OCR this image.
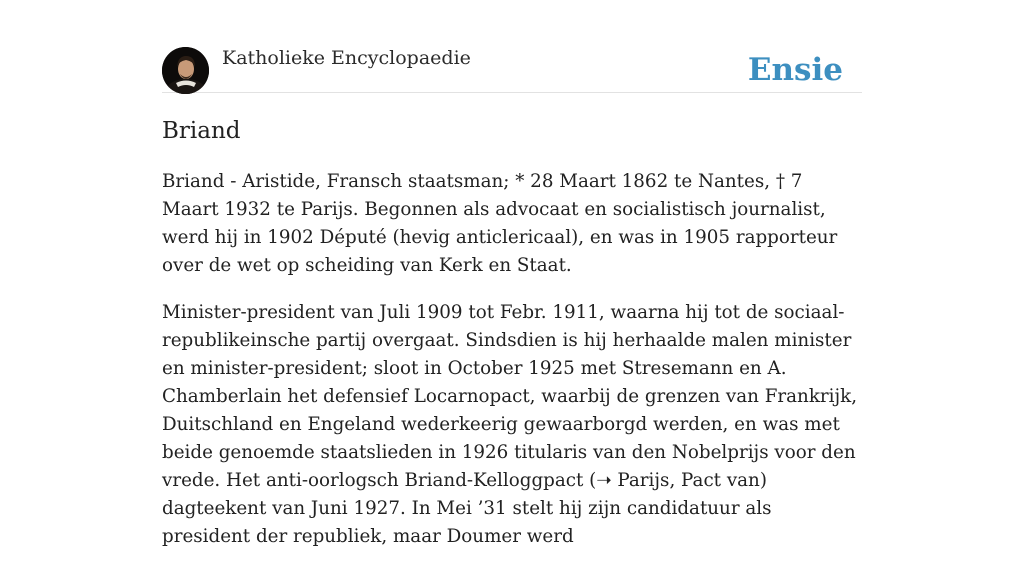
Katholieke Encyclopaedie	Ensie
Briand

Briand - Aristide, Fransch staatsman; * 28 Maart 1862 te Nantes, † 7 Maart 1932 te Parijs. Begonnen als advocaat en socialistisch journalist, werd hij in 1902 Député (hevig anticlericaal), en was in 1905 rapporteur over de wet op scheiding van Kerk en Staat.

Minister-president van Juli 1909 tot Febr. 1911, waarna hij tot de sociaal-republikeinsche partij overgaat. Sindsdien is hij herhaalde malen minister en minister-president; sloot in October 1925 met Stresemann en A. Chamberlain het defensief Locarnopact, waarbij de grenzen van Frankrijk, Duitschland en Engeland wederkeerig gewaarborgd werden, en was met beide genoemde staatslieden in 1926 titularis van den Nobelprijs voor den vrede. Het anti-oorlogsch Briand-Kelloggpact (➝ Parijs, Pact van) dagteekent van Juni 1927. In Mei ’31 stelt hij zijn candidatuur als president der republiek, maar Doumer werd
